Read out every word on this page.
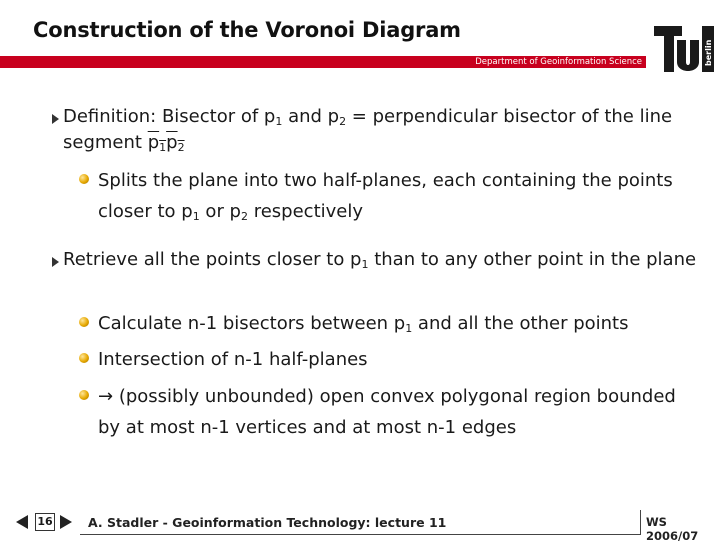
Construction of the Voronoi Diagram
Department of Geoinformation Science	berlin
Definition: Bisector of $p_1$ and $p_2$ = perpendicular bisector of the line segment $p_1p_2$
Splits the plane into two half-planes, each containing the points closer to $p_1$ or $p_2$ respectively
Retrieve all the points closer to $p_1$ than to any other point in the plane
Calculate n-1 bisectors between $p_1$ and all the other points
Intersection of n-1 half-planes
→ (possibly unbounded) open convex polygonal region bounded by at most n-1 vertices and at most n-1 edges
16	A. Stadler - Geoinformation Technology: lecture 11	WS 2006/07
